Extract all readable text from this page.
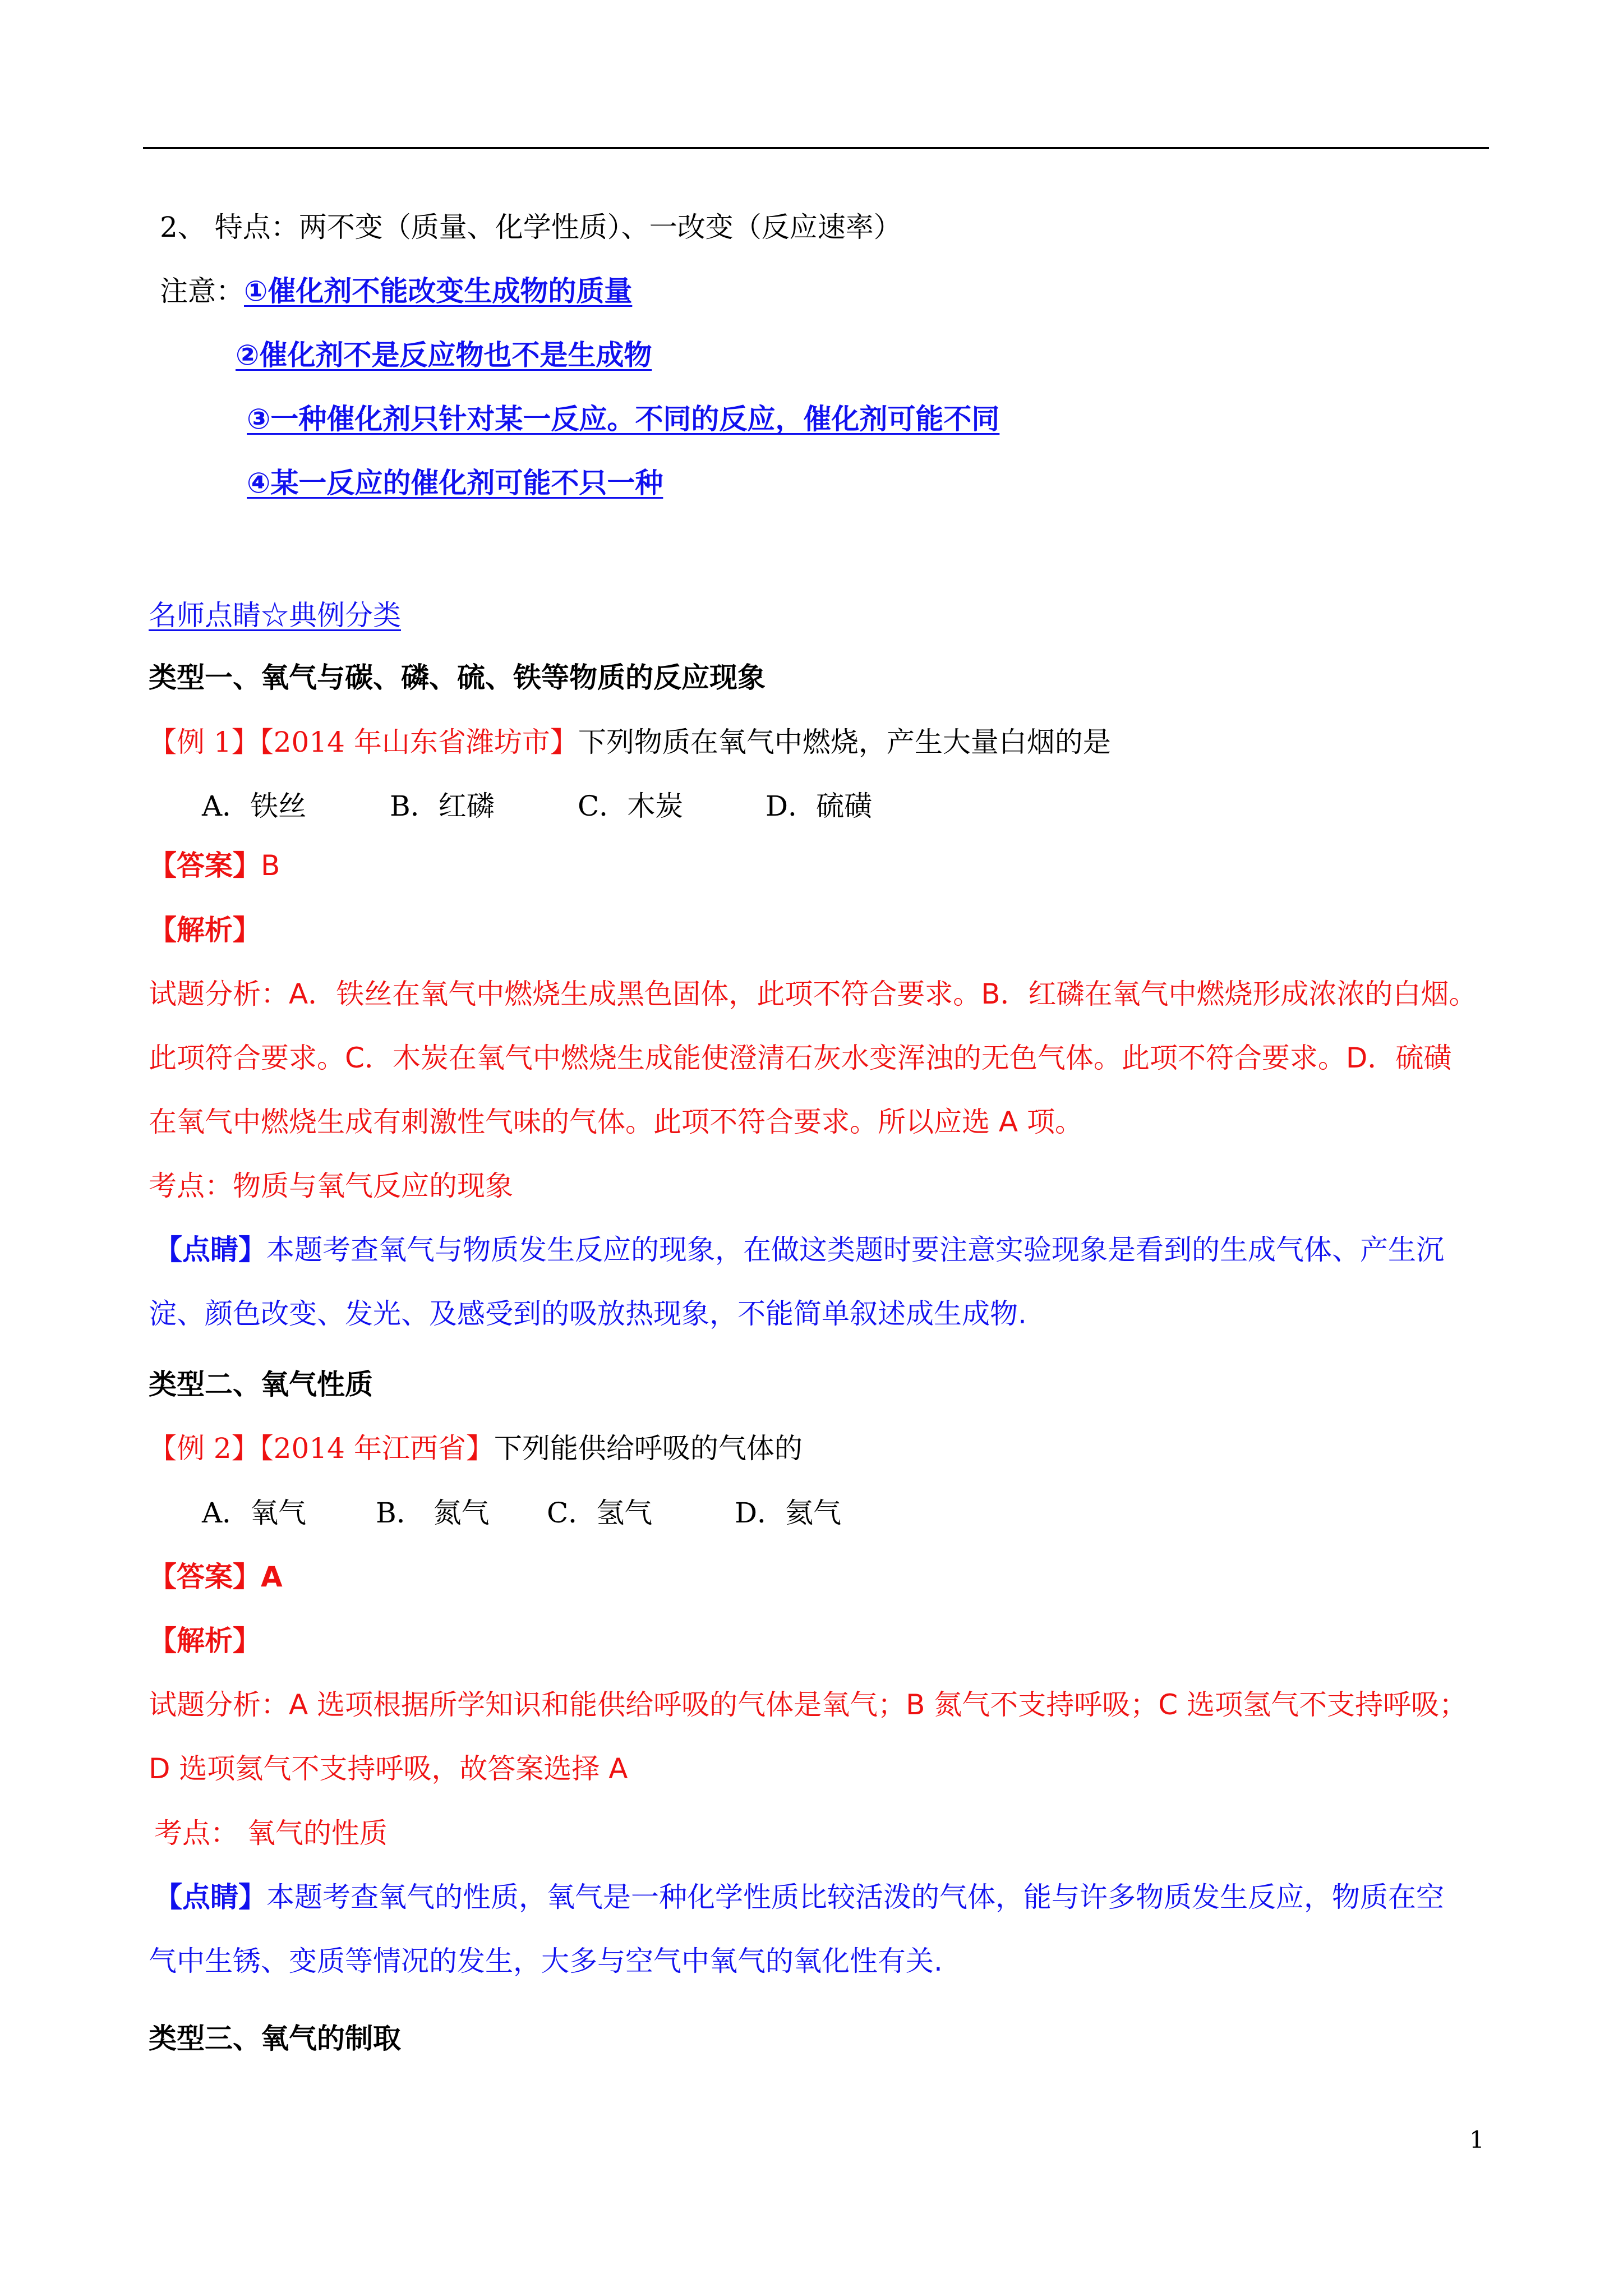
2、 特点：两不变（质量、化学性质）、一改变（反应速率）
注意：①催化剂不能改变生成物的质量
②催化剂不是反应物也不是生成物
③一种催化剂只针对某一反应。不同的反应，催化剂可能不同
④某一反应的催化剂可能不只一种
名师点睛☆典例分类
类型一、氧气与碳、磷、硫、铁等物质的反应现象
【例 1】【2014 年山东省潍坊市】下列物质在氧气中燃烧，产生大量白烟的是
A．铁丝	B．红磷	C．木炭	D．硫磺
【答案】B
【解析】
试题分析：A．铁丝在氧气中燃烧生成黑色固体，此项不符合要求。B．红磷在氧气中燃烧形成浓浓的白烟。
此项符合要求。C．木炭在氧气中燃烧生成能使澄清石灰水变浑浊的无色气体。此项不符合要求。D．硫磺
在氧气中燃烧生成有刺激性气味的气体。此项不符合要求。所以应选 A 项。
考点：物质与氧气反应的现象
【点睛】本题考查氧气与物质发生反应的现象，在做这类题时要注意实验现象是看到的生成气体、产生沉
淀、颜色改变、发光、及感受到的吸放热现象，不能简单叙述成生成物.
类型二、氧气性质
【例 2】【2014 年江西省】下列能供给呼吸的气体的
A．氧气 B． 氮气 C．氢气	D．氦气
【答案】A
【解析】
试题分析：A 选项根据所学知识和能供给呼吸的气体是氧气；B 氮气不支持呼吸；C 选项氢气不支持呼吸；
D 选项氦气不支持呼吸，故答案选择 A
考点： 氧气的性质
【点睛】本题考查氧气的性质，氧气是一种化学性质比较活泼的气体，能与许多物质发生反应，物质在空
气中生锈、变质等情况的发生，大多与空气中氧气的氧化性有关.
类型三、氧气的制取
1
